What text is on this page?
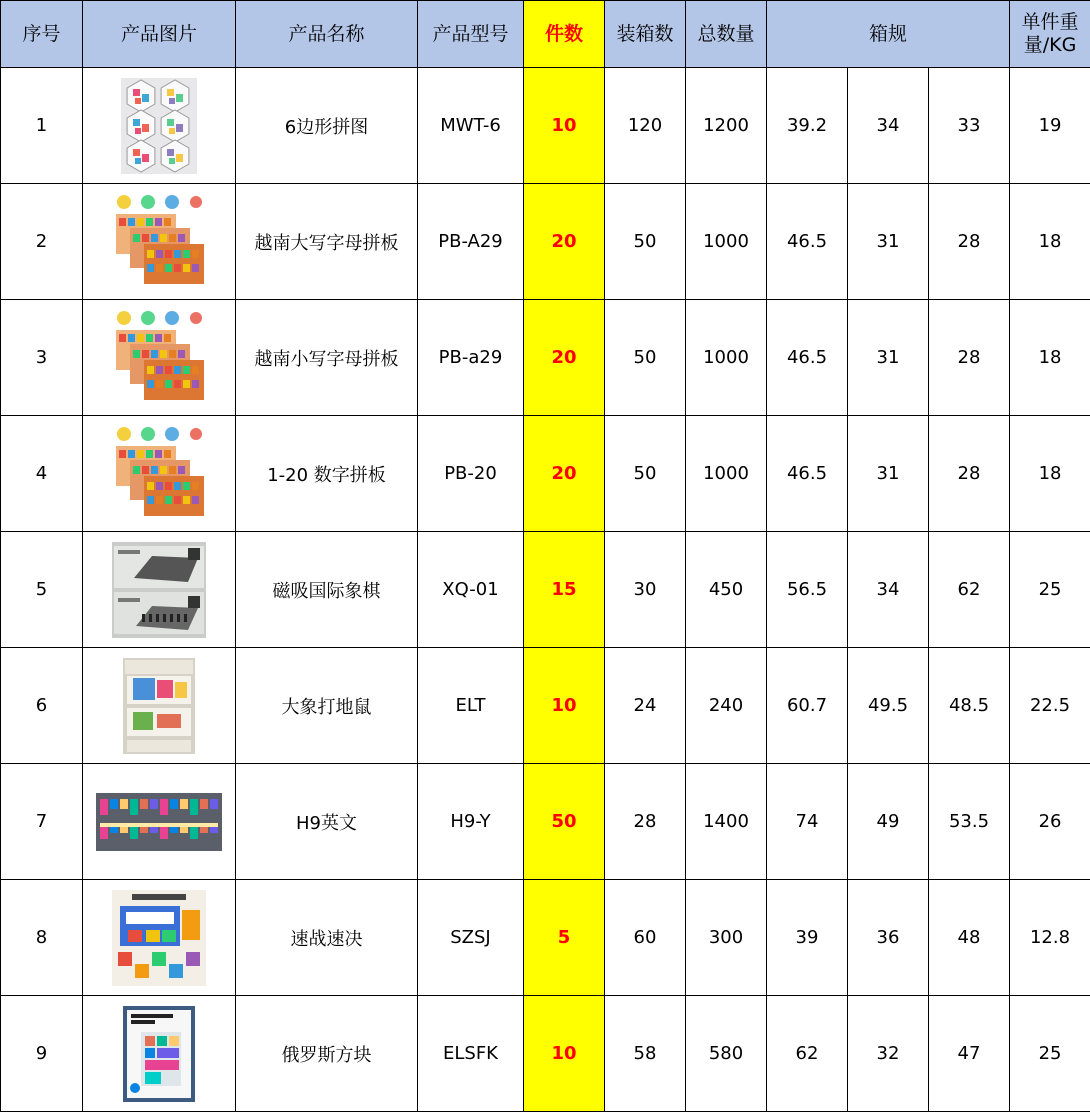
序号	产品图片	产品名称	产品型号	件数	装箱数	总数量	箱规			单件重
量/KG
1		6边形拼图	MWT-6	10	120	1200	39.2	34	33	19
2		越南大写字母拼板	PB-A29	20	50	1000	46.5	31	28	18
3		越南小写字母拼板	PB-a29	20	50	1000	46.5	31	28	18
4		1-20 数字拼板	PB-20	20	50	1000	46.5	31	28	18
5		磁吸国际象棋	XQ-01	15	30	450	56.5	34	62	25
6		大象打地鼠	ELT	10	24	240	60.7	49.5	48.5	22.5
7		H9英文	H9-Y	50	28	1400	74	49	53.5	26
8		速战速决	SZSJ	5	60	300	39	36	48	12.8
9		俄罗斯方块	ELSFK	10	58	580	62	32	47	25
